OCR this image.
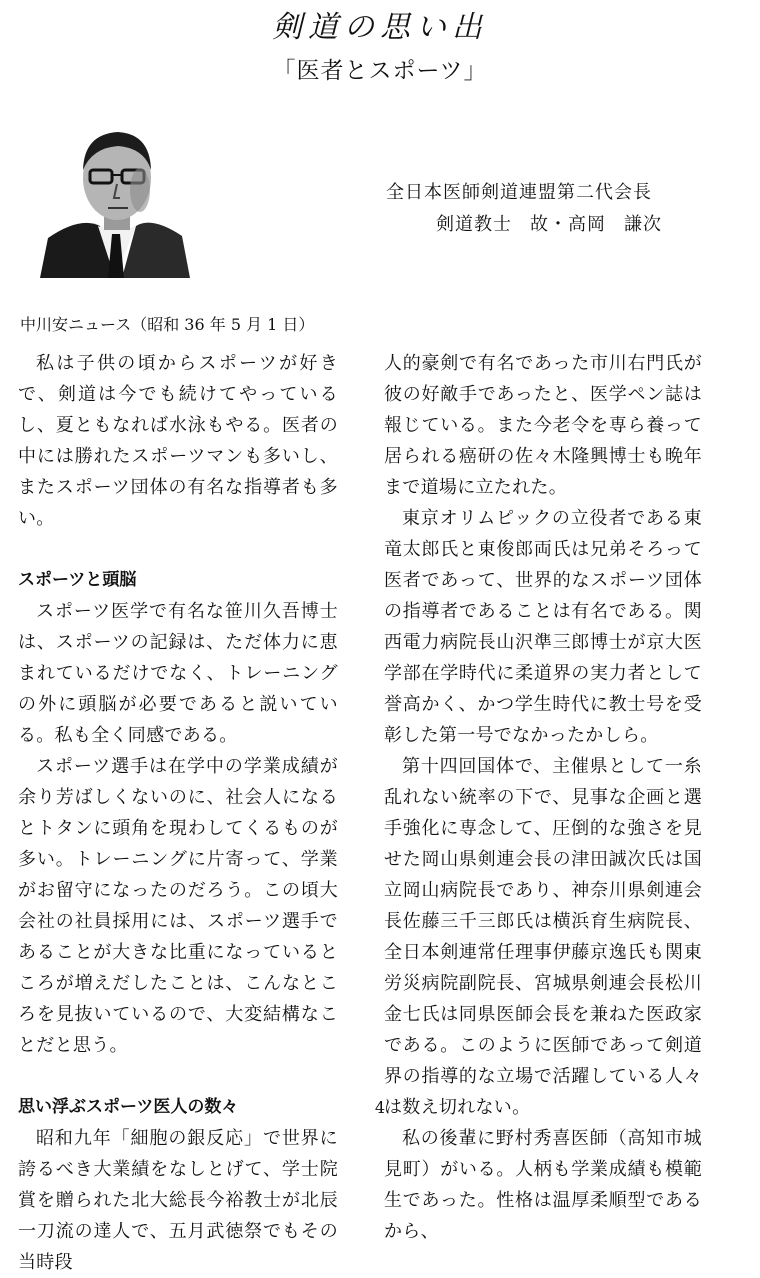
剣道の思い出
「医者とスポーツ」
全日本医師剣道連盟第二代会長
剣道教士 故・高岡 謙次
中川安ニュース（昭和 36 年 5 月 1 日）

私は子供の頃からスポーツが好きで、剣道は今でも続けてやっているし、夏ともなれば水泳もやる。医者の中には勝れたスポーツマンも多いし、またスポーツ団体の有名な指導者も多い。

スポーツと頭脳

スポーツ医学で有名な笹川久吾博士は、スポーツの記録は、ただ体力に恵まれているだけでなく、トレーニングの外に頭脳が必要であると説いている。私も全く同感である。

スポーツ選手は在学中の学業成績が余り芳ばしくないのに、社会人になるとトタンに頭角を現わしてくるものが多い。トレーニングに片寄って、学業がお留守になったのだろう。この頃大会社の社員採用には、スポーツ選手であることが大きな比重になっているところが増えだしたことは、こんなところを見抜いているので、大変結構なことだと思う。

思い浮ぶスポーツ医人の数々

昭和九年「細胞の銀反応」で世界に誇るべき大業績をなしとげて、学士院賞を贈られた北大総長今裕教士が北辰一刀流の達人で、五月武徳祭でもその当時段

人的豪剣で有名であった市川右門氏が彼の好敵手であったと、医学ペン誌は報じている。また今老令を専ら養って居られる癌研の佐々木隆興博士も晩年まで道場に立たれた。

東京オリムピックの立役者である東竜太郎氏と東俊郎両氏は兄弟そろって医者であって、世界的なスポーツ団体の指導者であることは有名である。関西電力病院長山沢準三郎博士が京大医学部在学時代に柔道界の実力者として誉高かく、かつ学生時代に教士号を受彰した第一号でなかったかしら。

第十四回国体で、主催県として一糸乱れない統率の下で、見事な企画と選手強化に専念して、圧倒的な強さを見せた岡山県剣連会長の津田誠次氏は国立岡山病院長であり、神奈川県剣連会長佐藤三千三郎氏は横浜育生病院長、全日本剣連常任理事伊藤京逸氏も関東労災病院副院長、宮城県剣連会長松川金七氏は同県医師会長を兼ねた医政家である。このように医師であって剣道界の指導的な立場で活躍している人々は数え切れない。

私の後輩に野村秀喜医師（高知市城見町）がいる。人柄も学業成績も模範生であった。性格は温厚柔順型であるから、

4
